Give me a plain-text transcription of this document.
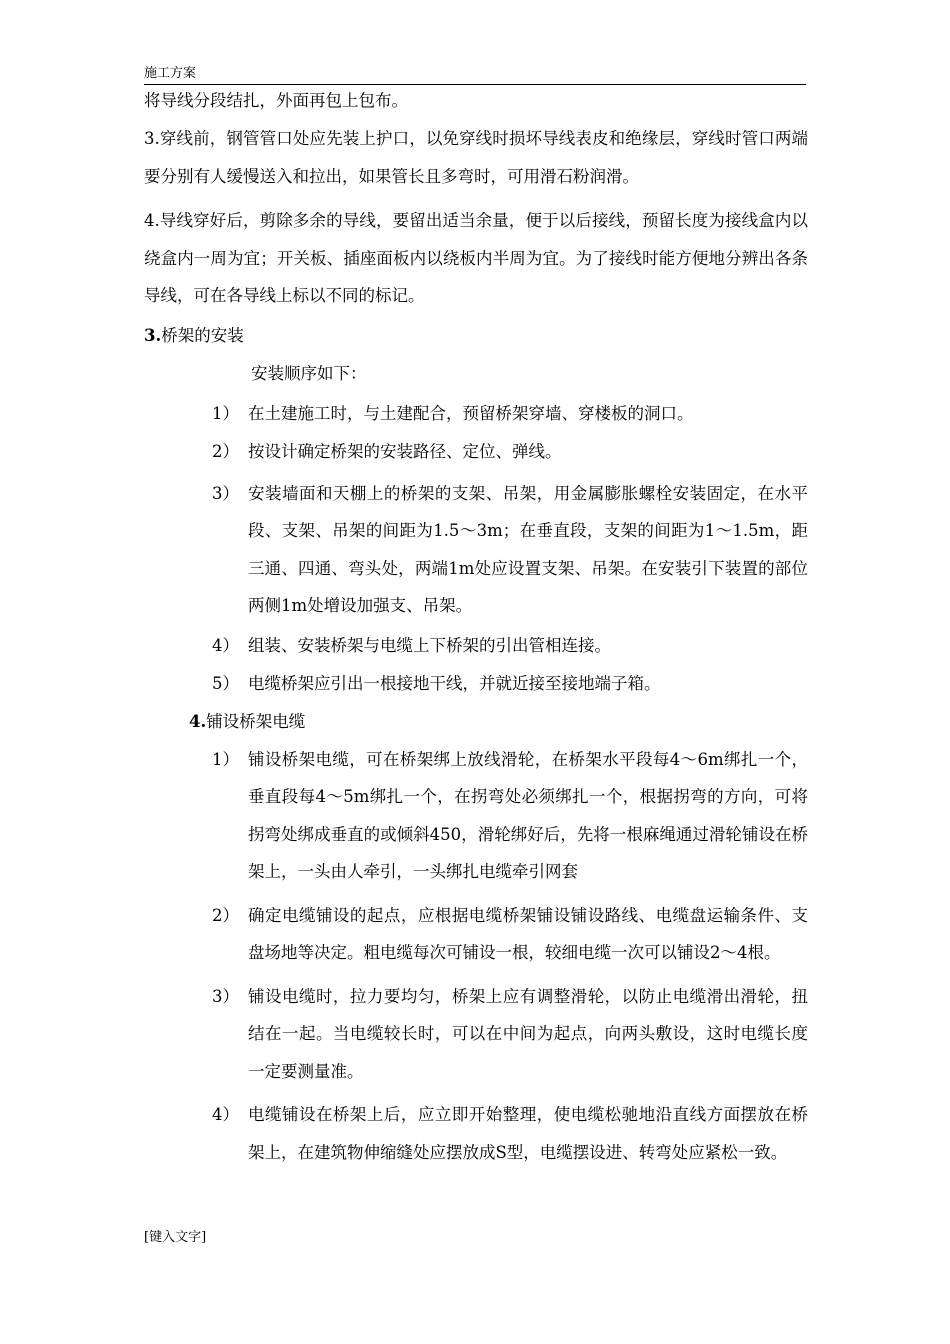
施工方案

将导线分段结扎，外面再包上包布。

3.穿线前，钢管管口处应先装上护口，以免穿线时损坏导线表皮和绝缘层，穿线时管口两端要分别有人缓慢送入和拉出，如果管长且多弯时，可用滑石粉润滑。

4.导线穿好后，剪除多余的导线，要留出适当余量，便于以后接线，预留长度为接线盒内以绕盒内一周为宜；开关板、插座面板内以绕板内半周为宜。为了接线时能方便地分辨出各条导线，可在各导线上标以不同的标记。

3.桥架的安装
安装顺序如下：
1） 在土建施工时，与土建配合，预留桥架穿墙、穿楼板的洞口。
2） 按设计确定桥架的安装路径、定位、弹线。
3） 安装墙面和天棚上的桥架的支架、吊架，用金属膨胀螺栓安装固定，在水平段、支架、吊架的间距为1.5～3m；在垂直段，支架的间距为1～1.5m，距三通、四通、弯头处，两端1m处应设置支架、吊架。在安装引下装置的部位两侧1m处增设加强支、吊架。
4） 组装、安装桥架与电缆上下桥架的引出管相连接。
5） 电缆桥架应引出一根接地干线，并就近接至接地端子箱。
4.铺设桥架电缆
1） 铺设桥架电缆，可在桥架绑上放线滑轮，在桥架水平段每4～6m绑扎一个，垂直段每4～5m绑扎一个，在拐弯处必须绑扎一个，根据拐弯的方向，可将拐弯处绑成垂直的或倾斜450，滑轮绑好后，先将一根麻绳通过滑轮铺设在桥架上，一头由人牵引，一头绑扎电缆牵引网套
2） 确定电缆铺设的起点，应根据电缆桥架铺设铺设路线、电缆盘运输条件、支盘场地等决定。粗电缆每次可铺设一根，较细电缆一次可以铺设2～4根。
3） 铺设电缆时，拉力要均匀，桥架上应有调整滑轮，以防止电缆滑出滑轮，扭结在一起。当电缆较长时，可以在中间为起点，向两头敷设，这时电缆长度一定要测量准。
4） 电缆铺设在桥架上后，应立即开始整理，使电缆松驰地沿直线方面摆放在桥架上，在建筑物伸缩缝处应摆放成S型，电缆摆设进、转弯处应紧松一致。
[键入文字]
